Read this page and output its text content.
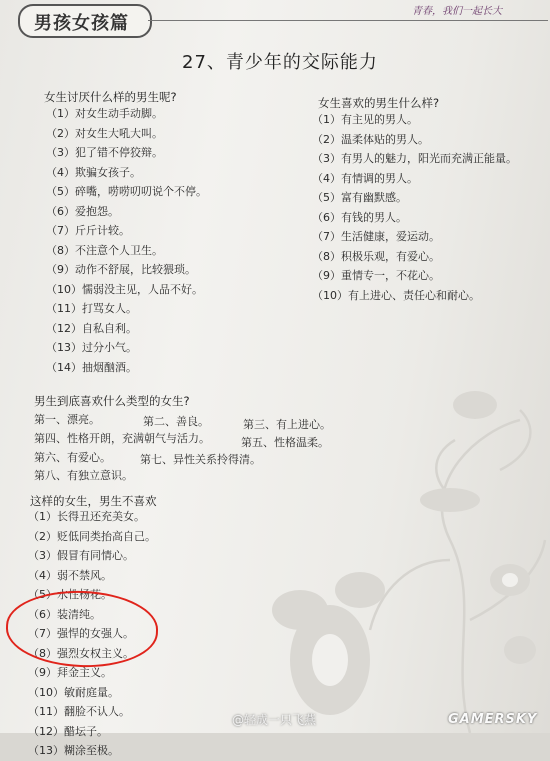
男孩女孩篇
青春，我们一起长大
27、青少年的交际能力
女生讨厌什么样的男生呢?
（1）对女生动手动脚。
（2）对女生大吼大叫。
（3）犯了错不停狡辩。
（4）欺骗女孩子。
（5）碎嘴，唠唠叨叨说个不停。
（6）爱抱怨。
（7）斤斤计较。
（8）不注意个人卫生。
（9）动作不舒展，比较猥琐。
（10）懦弱没主见，人品不好。
（11）打骂女人。
（12）自私自利。
（13）过分小气。
（14）抽烟酗酒。
女生喜欢的男生什么样?
（1）有主见的男人。
（2）温柔体贴的男人。
（3）有男人的魅力，阳光而充满正能量。
（4）有情调的男人。
（5）富有幽默感。
（6）有钱的男人。
（7）生活健康，爱运动。
（8）积极乐观，有爱心。
（9）重情专一，不花心。
（10）有上进心、责任心和耐心。
男生到底喜欢什么类型的女生?
第一、漂亮。	第二、善良。	第三、有上进心。
第四、性格开朗，充满朝气与活力。	第五、性格温柔。
第六、有爱心。	第七、异性关系拎得清。
第八、有独立意识。
这样的女生，男生不喜欢
（1）长得丑还充美女。
（2）贬低同类抬高自己。
（3）假冒有同情心。
（4）弱不禁风。
（5）水性杨花。
（6）装清纯。
（7）强悍的女强人。
（8）强烈女权主义。
（9）拜金主义。
（10）敏耐庭量。
（11）翻脸不认人。
（12）醋坛子。
（13）糊涂至极。
@轻成一只飞燕	GAMERSKY
